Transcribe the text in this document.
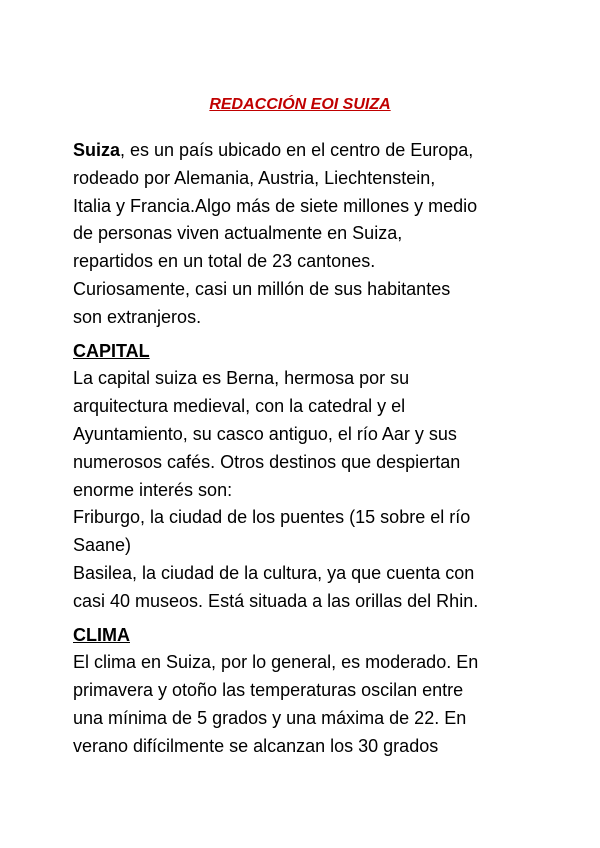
REDACCIÓN EOI SUIZA

Suiza, es un país ubicado en el centro de Europa,
rodeado por Alemania, Austria, Liechtenstein,
Italia y Francia.Algo más de siete millones y medio
de personas viven actualmente en Suiza,
repartidos en un total de 23 cantones.
Curiosamente, casi un millón de sus habitantes
son extranjeros.

CAPITAL

La capital suiza es Berna, hermosa por su
arquitectura medieval, con la catedral y el
Ayuntamiento, su casco antiguo, el río Aar y sus
numerosos cafés. Otros destinos que despiertan
enorme interés son:
Friburgo, la ciudad de los puentes (15 sobre el río
Saane)
Basilea, la ciudad de la cultura, ya que cuenta con
casi 40 museos. Está situada a las orillas del Rhin.

CLIMA

El clima en Suiza, por lo general, es moderado. En
primavera y otoño las temperaturas oscilan entre
una mínima de 5 grados y una máxima de 22. En
verano difícilmente se alcanzan los 30 grados
